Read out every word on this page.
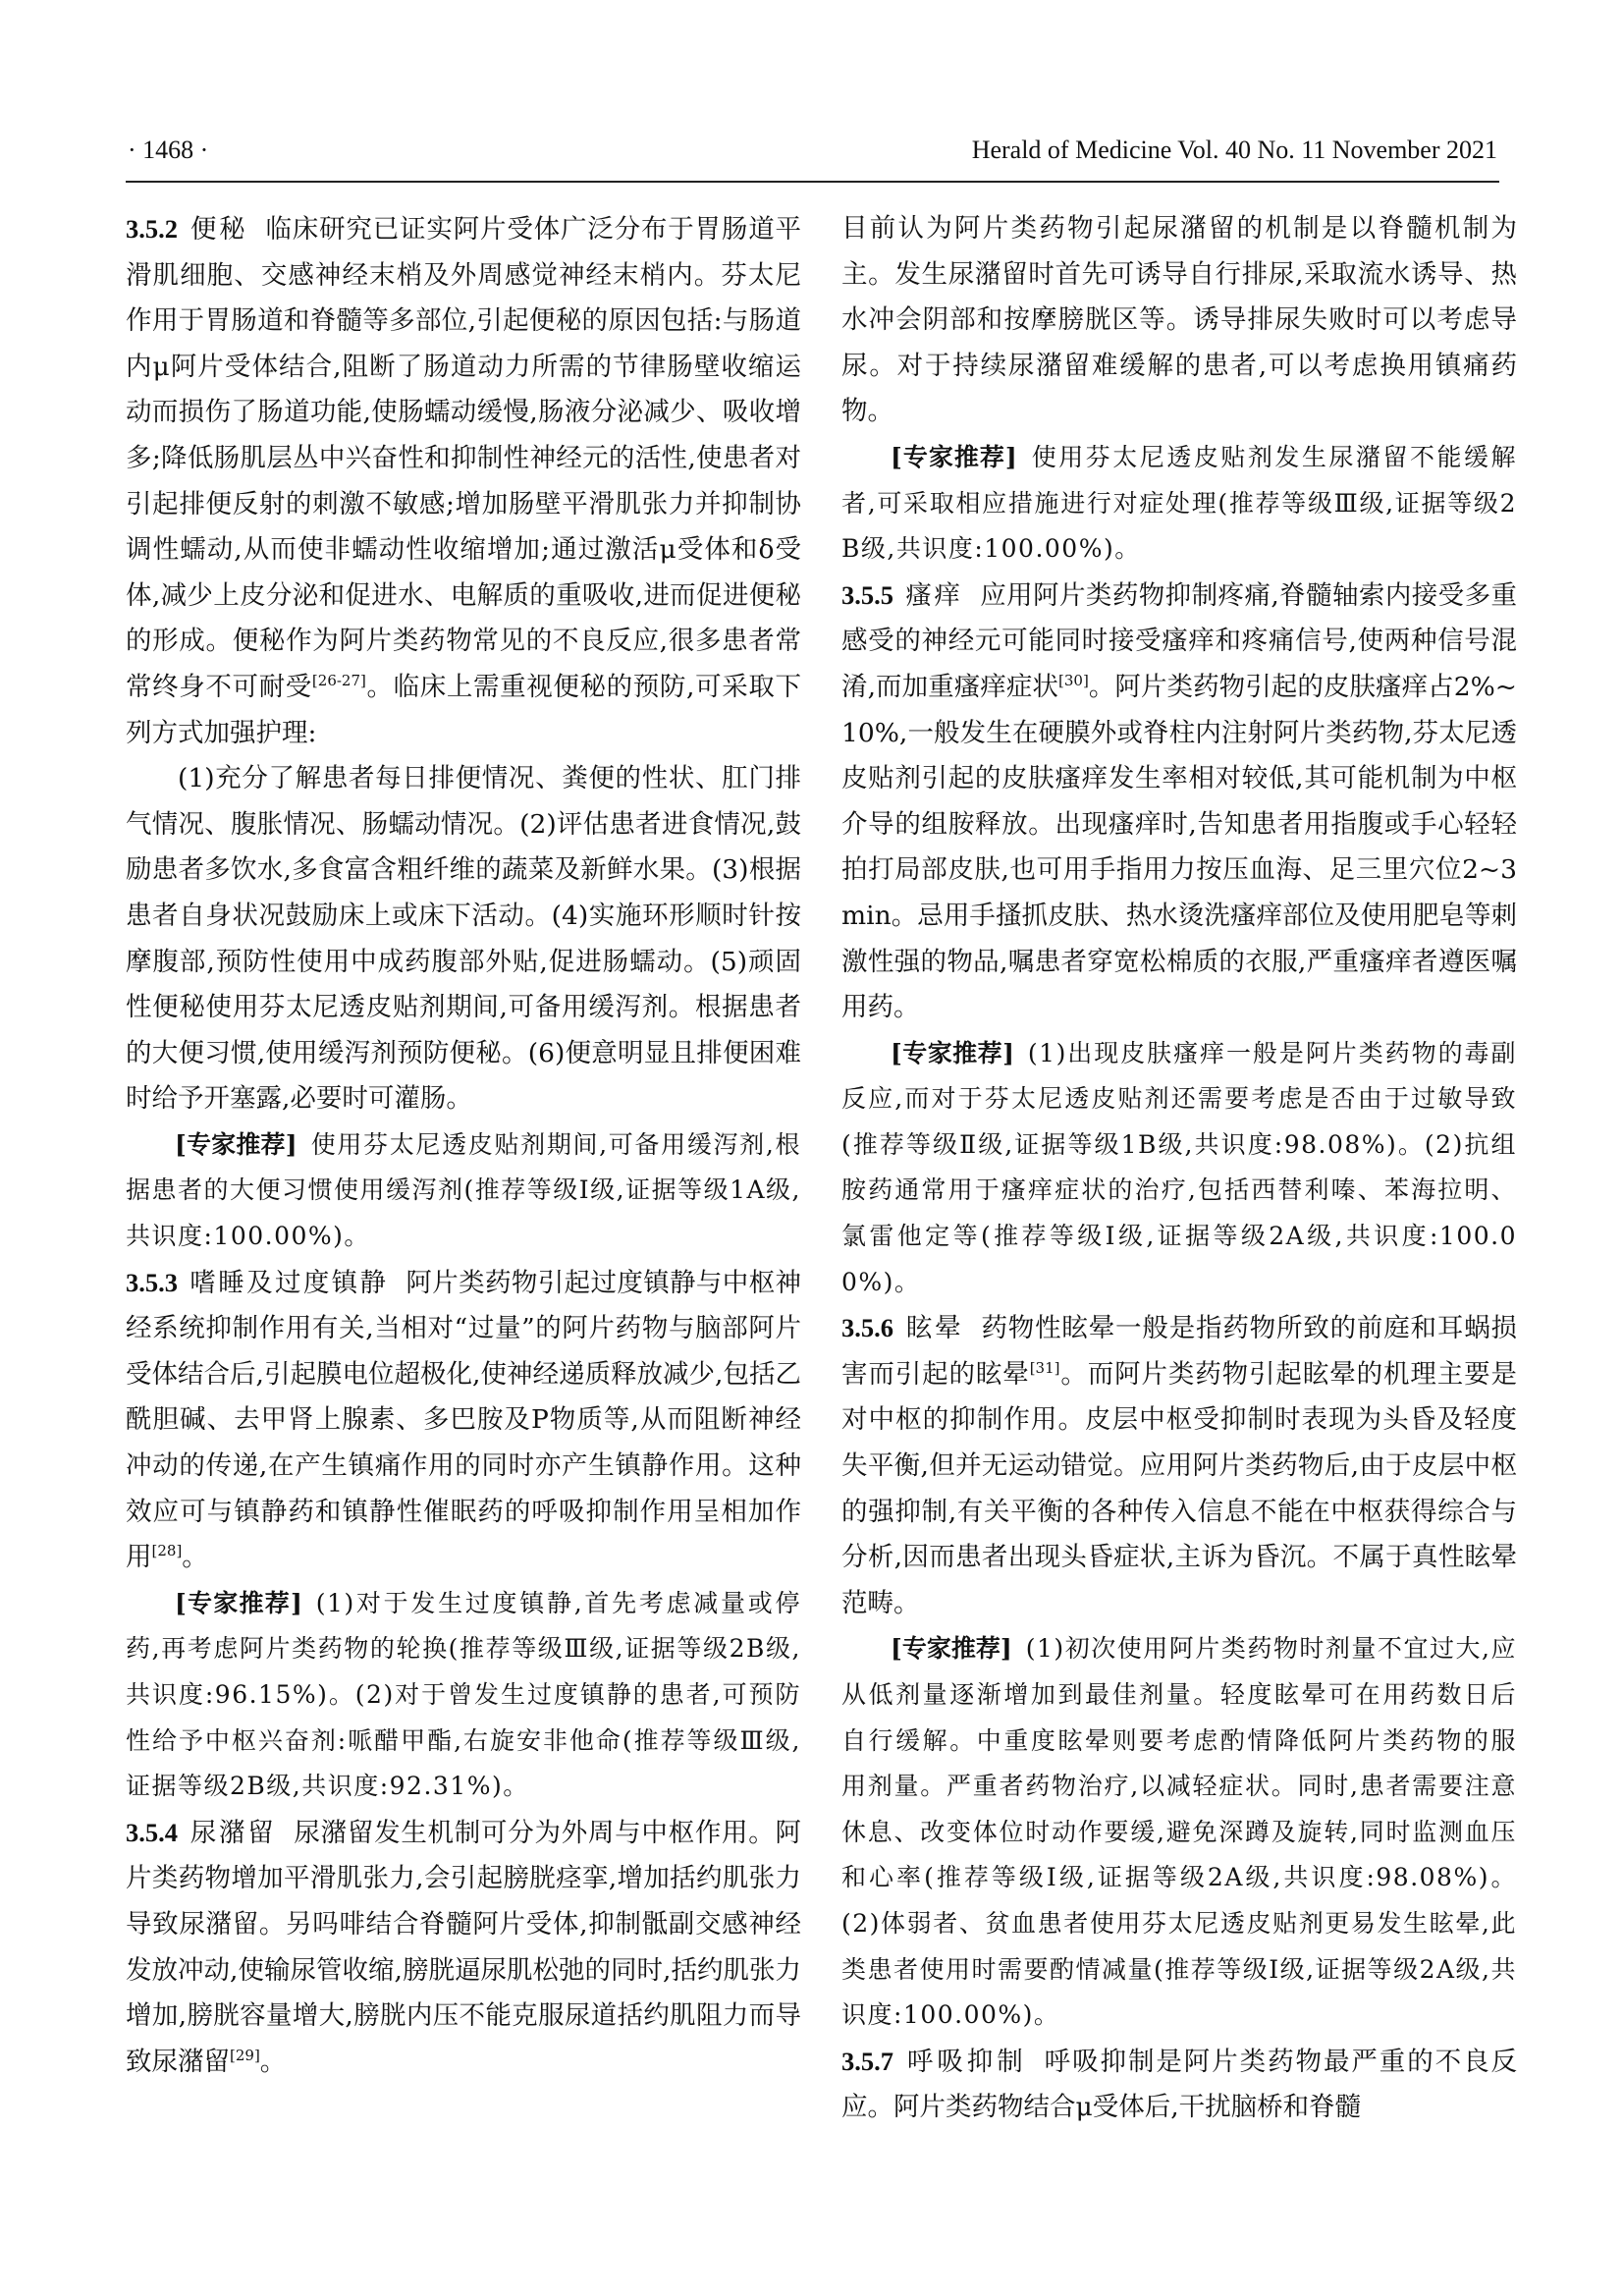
· 1468 ·	Herald of Medicine Vol. 40 No. 11 November 2021

3.5.2 便秘 临床研究已证实阿片受体广泛分布于胃肠道平滑肌细胞、交感神经末梢及外周感觉神经末梢内。芬太尼作用于胃肠道和脊髓等多部位,引起便秘的原因包括:与肠道内μ阿片受体结合,阻断了肠道动力所需的节律肠壁收缩运动而损伤了肠道功能,使肠蠕动缓慢,肠液分泌减少、吸收增多;降低肠肌层丛中兴奋性和抑制性神经元的活性,使患者对引起排便反射的刺激不敏感;增加肠壁平滑肌张力并抑制协调性蠕动,从而使非蠕动性收缩增加;通过激活μ受体和δ受体,减少上皮分泌和促进水、电解质的重吸收,进而促进便秘的形成。便秘作为阿片类药物常见的不良反应,很多患者常常终身不可耐受[26-27]。临床上需重视便秘的预防,可采取下列方式加强护理:

(1)充分了解患者每日排便情况、粪便的性状、肛门排气情况、腹胀情况、肠蠕动情况。(2)评估患者进食情况,鼓励患者多饮水,多食富含粗纤维的蔬菜及新鲜水果。(3)根据患者自身状况鼓励床上或床下活动。(4)实施环形顺时针按摩腹部,预防性使用中成药腹部外贴,促进肠蠕动。(5)顽固性便秘使用芬太尼透皮贴剂期间,可备用缓泻剂。根据患者的大便习惯,使用缓泻剂预防便秘。(6)便意明显且排便困难时给予开塞露,必要时可灌肠。

[专家推荐] 使用芬太尼透皮贴剂期间,可备用缓泻剂,根据患者的大便习惯使用缓泻剂(推荐等级Ⅰ级,证据等级1A级,共识度:100.00%)。

3.5.3 嗜睡及过度镇静 阿片类药物引起过度镇静与中枢神经系统抑制作用有关,当相对“过量”的阿片药物与脑部阿片受体结合后,引起膜电位超极化,使神经递质释放减少,包括乙酰胆碱、去甲肾上腺素、多巴胺及P物质等,从而阻断神经冲动的传递,在产生镇痛作用的同时亦产生镇静作用。这种效应可与镇静药和镇静性催眠药的呼吸抑制作用呈相加作用[28]。

[专家推荐] (1)对于发生过度镇静,首先考虑减量或停药,再考虑阿片类药物的轮换(推荐等级Ⅲ级,证据等级2B级,共识度:96.15%)。(2)对于曾发生过度镇静的患者,可预防性给予中枢兴奋剂:哌醋甲酯,右旋安非他命(推荐等级Ⅲ级,证据等级2B级,共识度:92.31%)。

3.5.4 尿潴留 尿潴留发生机制可分为外周与中枢作用。阿片类药物增加平滑肌张力,会引起膀胱痉挛,增加括约肌张力导致尿潴留。另吗啡结合脊髓阿片受体,抑制骶副交感神经发放冲动,使输尿管收缩,膀胱逼尿肌松弛的同时,括约肌张力增加,膀胱容量增大,膀胱内压不能克服尿道括约肌阻力而导致尿潴留[29]。

目前认为阿片类药物引起尿潴留的机制是以脊髓机制为主。发生尿潴留时首先可诱导自行排尿,采取流水诱导、热水冲会阴部和按摩膀胱区等。诱导排尿失败时可以考虑导尿。对于持续尿潴留难缓解的患者,可以考虑换用镇痛药物。

[专家推荐] 使用芬太尼透皮贴剂发生尿潴留不能缓解者,可采取相应措施进行对症处理(推荐等级Ⅲ级,证据等级2B级,共识度:100.00%)。

3.5.5 瘙痒 应用阿片类药物抑制疼痛,脊髓轴索内接受多重感受的神经元可能同时接受瘙痒和疼痛信号,使两种信号混淆,而加重瘙痒症状[30]。阿片类药物引起的皮肤瘙痒占2%~10%,一般发生在硬膜外或脊柱内注射阿片类药物,芬太尼透皮贴剂引起的皮肤瘙痒发生率相对较低,其可能机制为中枢介导的组胺释放。出现瘙痒时,告知患者用指腹或手心轻轻拍打局部皮肤,也可用手指用力按压血海、足三里穴位2~3 min。忌用手搔抓皮肤、热水烫洗瘙痒部位及使用肥皂等刺激性强的物品,嘱患者穿宽松棉质的衣服,严重瘙痒者遵医嘱用药。

[专家推荐] (1)出现皮肤瘙痒一般是阿片类药物的毒副反应,而对于芬太尼透皮贴剂还需要考虑是否由于过敏导致(推荐等级Ⅱ级,证据等级1B级,共识度:98.08%)。(2)抗组胺药通常用于瘙痒症状的治疗,包括西替利嗪、苯海拉明、氯雷他定等(推荐等级Ⅰ级,证据等级2A级,共识度:100.00%)。

3.5.6 眩晕 药物性眩晕一般是指药物所致的前庭和耳蜗损害而引起的眩晕[31]。而阿片类药物引起眩晕的机理主要是对中枢的抑制作用。皮层中枢受抑制时表现为头昏及轻度失平衡,但并无运动错觉。应用阿片类药物后,由于皮层中枢的强抑制,有关平衡的各种传入信息不能在中枢获得综合与分析,因而患者出现头昏症状,主诉为昏沉。不属于真性眩晕范畴。

[专家推荐] (1)初次使用阿片类药物时剂量不宜过大,应从低剂量逐渐增加到最佳剂量。轻度眩晕可在用药数日后自行缓解。中重度眩晕则要考虑酌情降低阿片类药物的服用剂量。严重者药物治疗,以减轻症状。同时,患者需要注意休息、改变体位时动作要缓,避免深蹲及旋转,同时监测血压和心率(推荐等级Ⅰ级,证据等级2A级,共识度:98.08%)。(2)体弱者、贫血患者使用芬太尼透皮贴剂更易发生眩晕,此类患者使用时需要酌情减量(推荐等级Ⅰ级,证据等级2A级,共识度:100.00%)。

3.5.7 呼吸抑制 呼吸抑制是阿片类药物最严重的不良反应。阿片类药物结合μ受体后,干扰脑桥和脊髓
